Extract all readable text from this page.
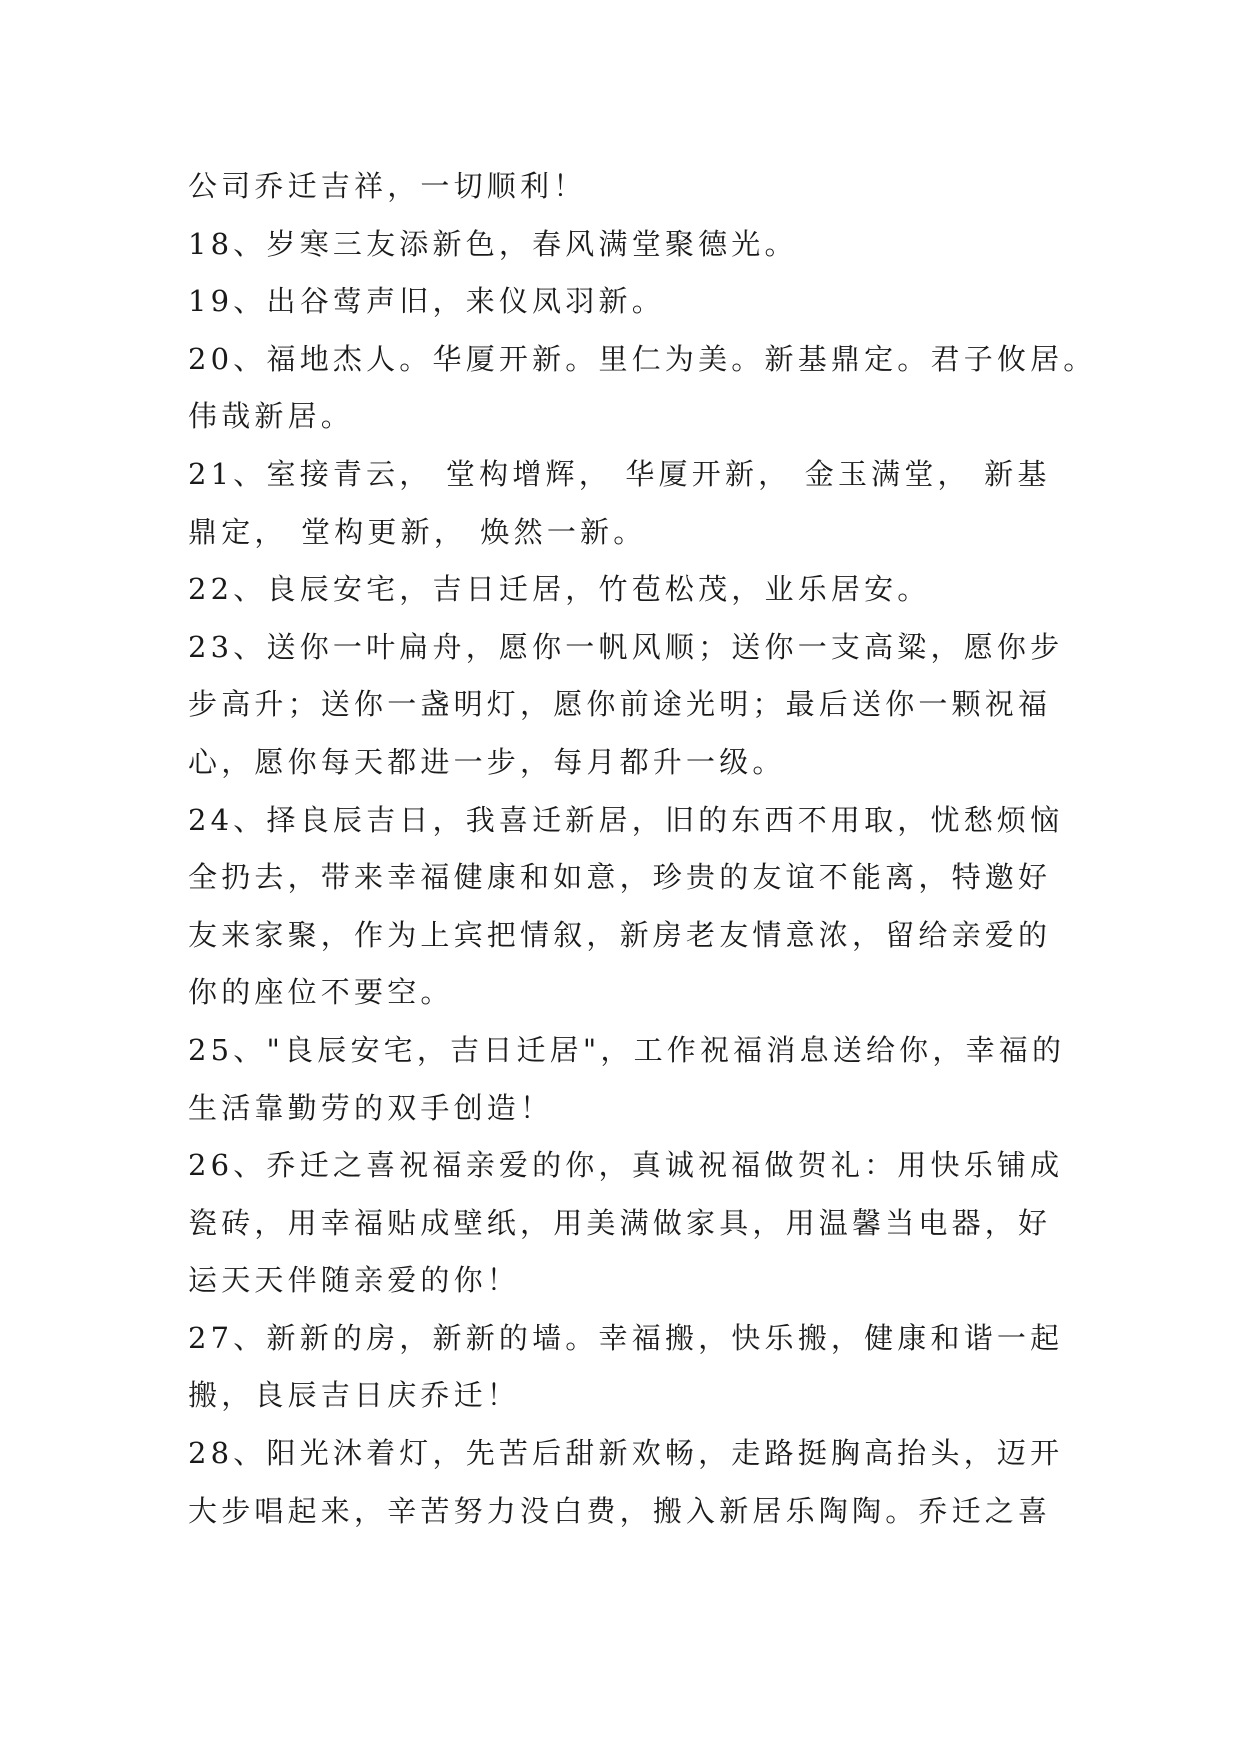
公司乔迁吉祥，一切顺利！
18、岁寒三友添新色，春风满堂聚德光。
19、出谷莺声旧，来仪凤羽新。
20、福地杰人。华厦开新。里仁为美。新基鼎定。君子攸居。
伟哉新居。
21、室接青云， 堂构增辉， 华厦开新， 金玉满堂， 新基
鼎定， 堂构更新， 焕然一新。
22、良辰安宅，吉日迁居，竹苞松茂，业乐居安。
23、送你一叶扁舟，愿你一帆风顺；送你一支高粱，愿你步
步高升；送你一盏明灯，愿你前途光明；最后送你一颗祝福
心，愿你每天都进一步，每月都升一级。
24、择良辰吉日，我喜迁新居，旧的东西不用取，忧愁烦恼
全扔去，带来幸福健康和如意，珍贵的友谊不能离，特邀好
友来家聚，作为上宾把情叙，新房老友情意浓，留给亲爱的
你的座位不要空。
25、"良辰安宅，吉日迁居"，工作祝福消息送给你，幸福的
生活靠勤劳的双手创造！
26、乔迁之喜祝福亲爱的你，真诚祝福做贺礼：用快乐铺成
瓷砖，用幸福贴成壁纸，用美满做家具，用温馨当电器，好
运天天伴随亲爱的你！
27、新新的房，新新的墙。幸福搬，快乐搬，健康和谐一起
搬，良辰吉日庆乔迁！
28、阳光沐着灯，先苦后甜新欢畅，走路挺胸高抬头，迈开
大步唱起来，辛苦努力没白费，搬入新居乐陶陶。乔迁之喜
